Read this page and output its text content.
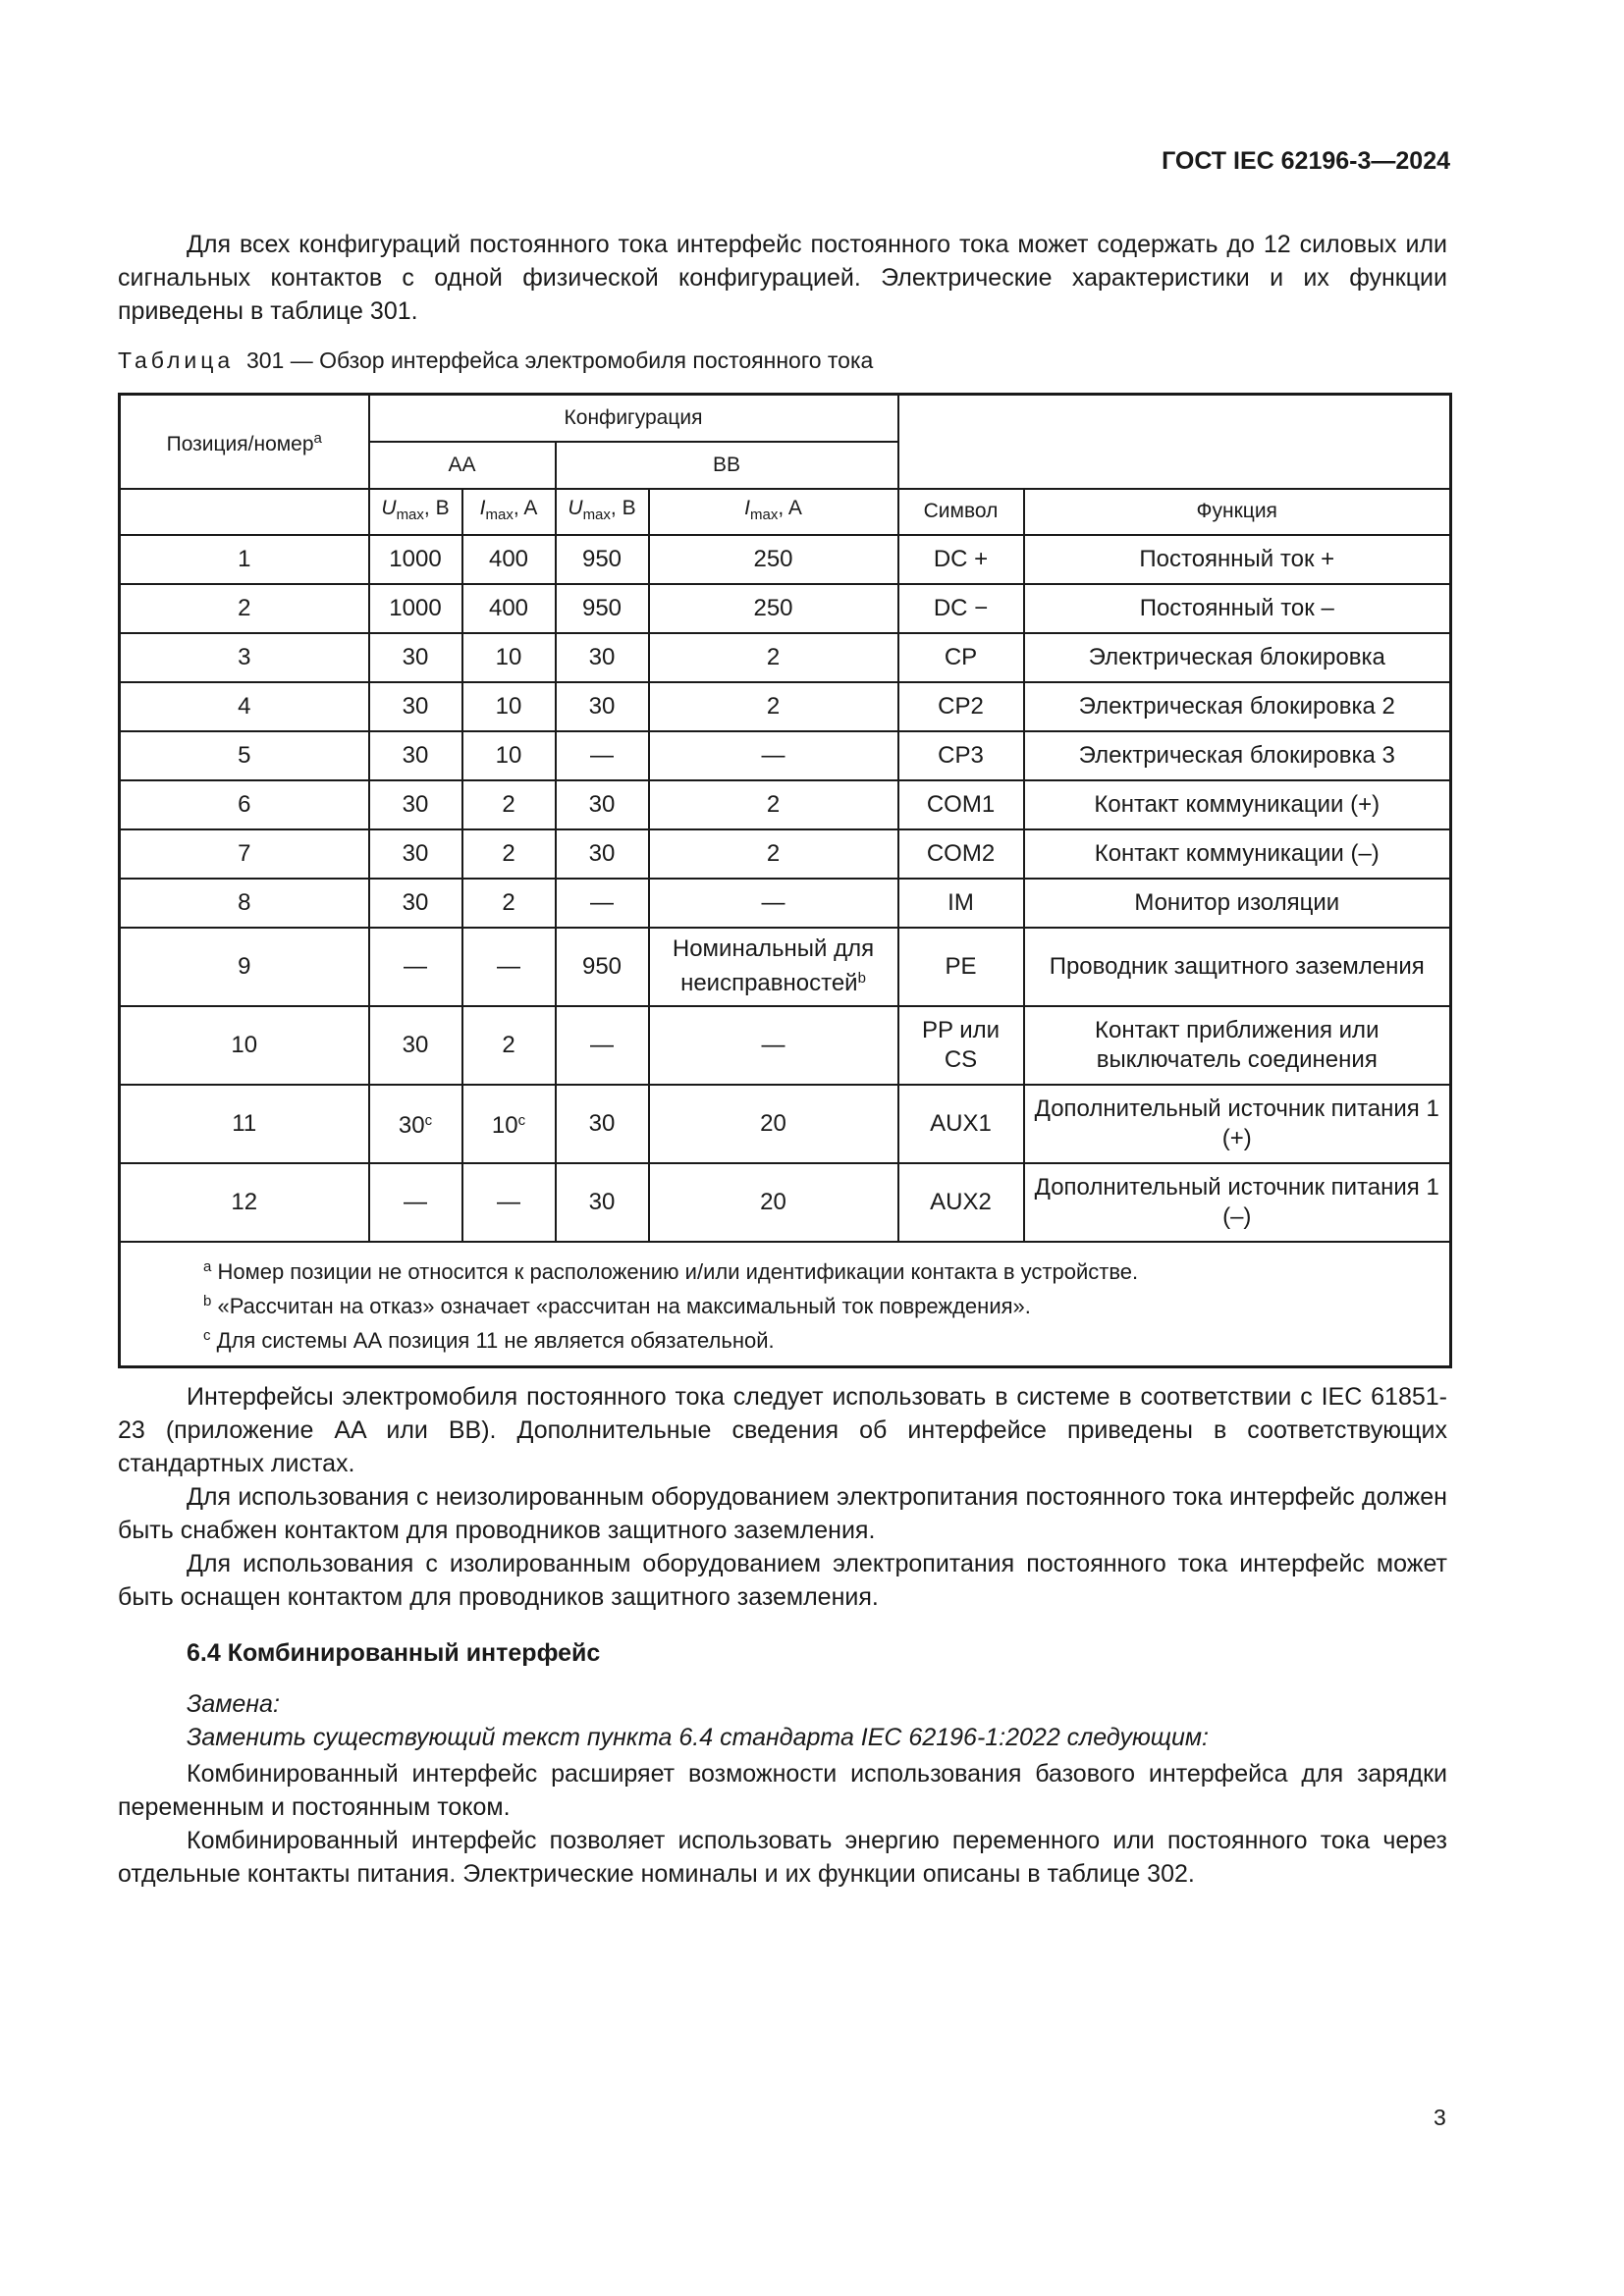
ГОСТ IEC 62196-3—2024

Для всех конфигураций постоянного тока интерфейс постоянного тока может содержать до 12 силовых или сигнальных контактов с одной физической конфигурацией. Электрические характеристики и их функции приведены в таблице 301.

Таблица 301 — Обзор интерфейса электромобиля постоянного тока
Позиция/номер$^a$	Конфигурация					
	AA		BB			
	$U_{max}$, B	$I_{max}$, A	$U_{max}$, B	$I_{max}$, A	Символ	Функция
1	1000	400	950	250	DC +	Постоянный ток +
2	1000	400	950	250	DC −	Постоянный ток –
3	30	10	30	2	CP	Электрическая блокировка
4	30	10	30	2	CP2	Электрическая блокировка 2
5	30	10	—	—	CP3	Электрическая блокировка 3
6	30	2	30	2	COM1	Контакт коммуникации (+)
7	30	2	30	2	COM2	Контакт коммуникации (–)
8	30	2	—	—	IM	Монитор изоляции
9	—	—	950	Номинальный для неисправностей$^b$	PE	Проводник защитного заземления
10	30	2	—	—	PP или CS	Контакт приближения или выключатель соединения
11	30$^c$	10$^c$	30	20	AUX1	Дополнительный источник питания 1 (+)
12	—	—	30	20	AUX2	Дополнительный источник питания 1 (–)

$^a$ Номер позиции не относится к расположению и/или идентификации контакта в устройстве.
$^b$ «Рассчитан на отказ» означает «рассчитан на максимальный ток повреждения».
$^c$ Для системы АА позиция 11 не является обязательной.						

Интерфейсы электромобиля постоянного тока следует использовать в системе в соответствии с IEC 61851-23 (приложение AA или BB). Дополнительные сведения об интерфейсе приведены в соответствующих стандартных листах.

Для использования с неизолированным оборудованием электропитания постоянного тока интерфейс должен быть снабжен контактом для проводников защитного заземления.

Для использования с изолированным оборудованием электропитания постоянного тока интерфейс может быть оснащен контактом для проводников защитного заземления.

6.4 Комбинированный интерфейс
Замена:
Заменить существующий текст пункта 6.4 стандарта IEC 62196-1:2022 следующим:

Комбинированный интерфейс расширяет возможности использования базового интерфейса для зарядки переменным и постоянным током.

Комбинированный интерфейс позволяет использовать энергию переменного или постоянного тока через отдельные контакты питания. Электрические номиналы и их функции описаны в таблице 302.

3
